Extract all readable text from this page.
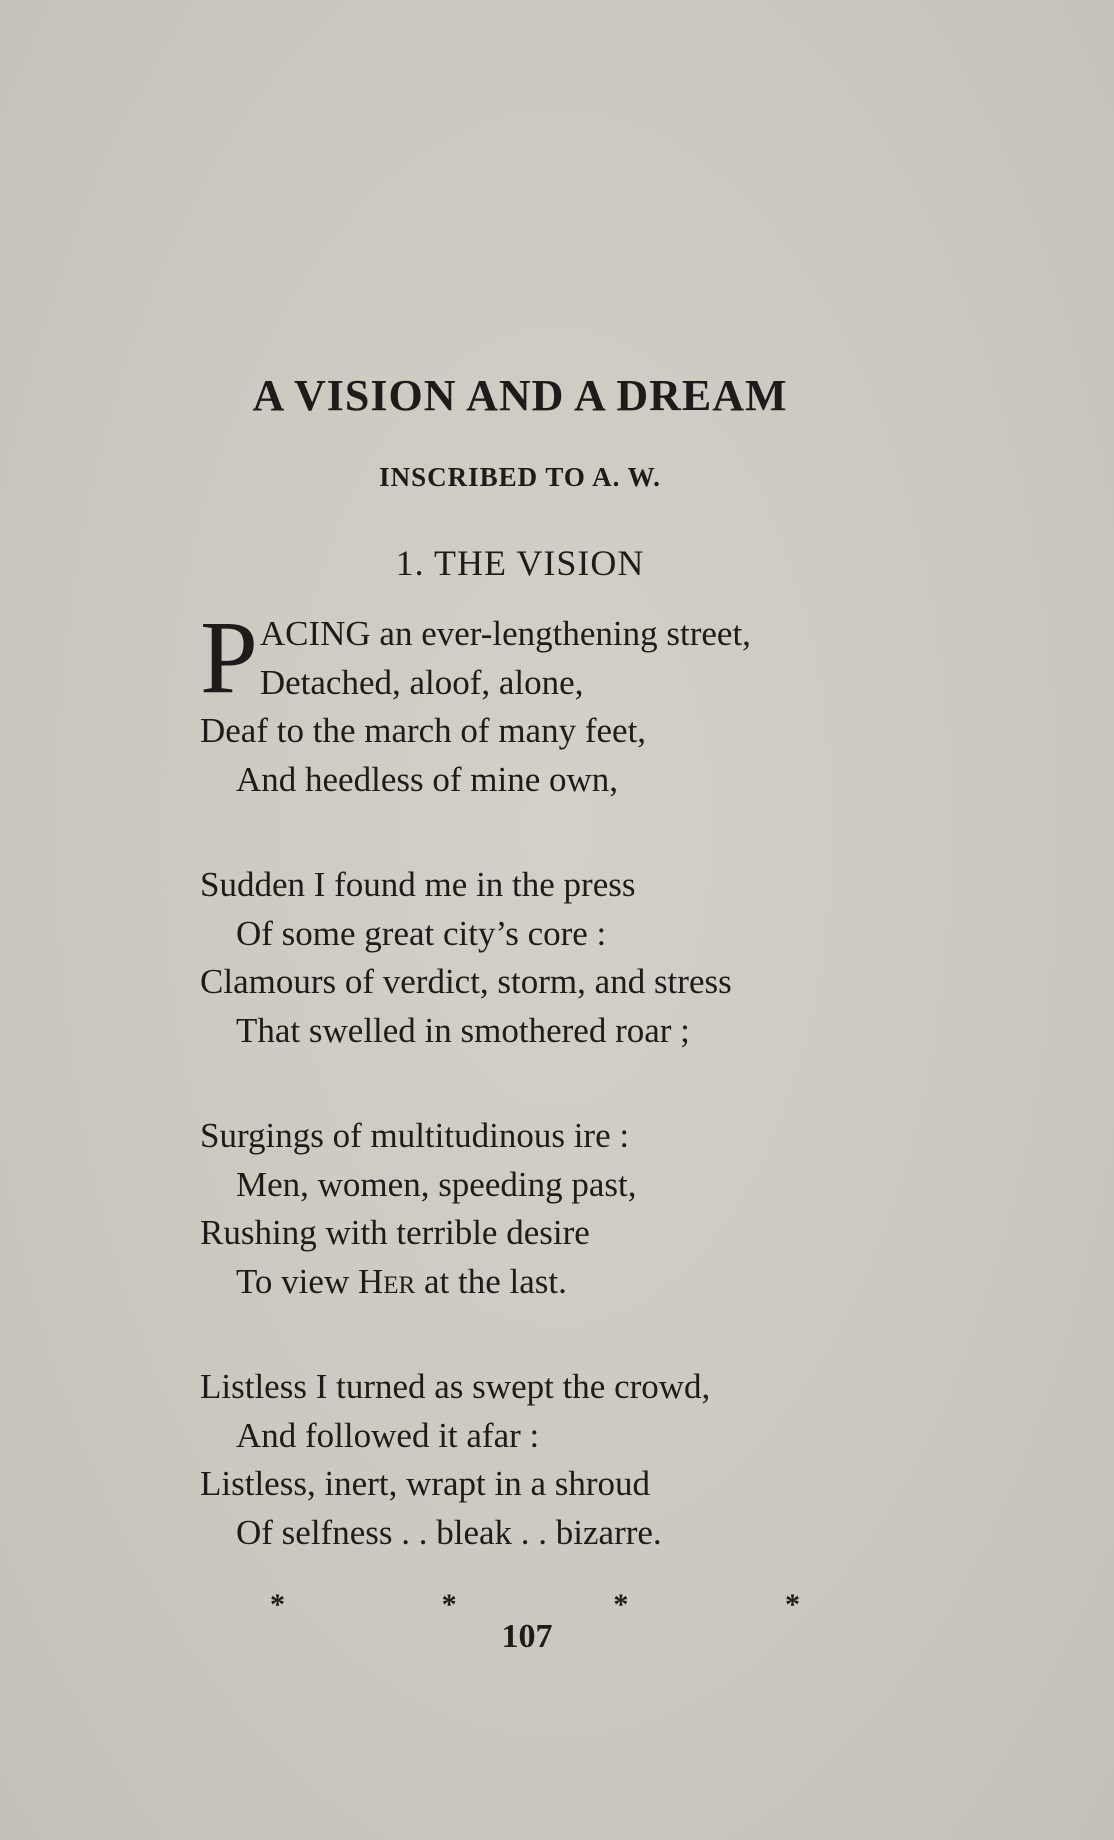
A VISION AND A DREAM
INSCRIBED TO A. W.
1. THE VISION
P ACING an ever-lengthening street,
Detached, aloof, alone,
Deaf to the march of many feet,
And heedless of mine own,
Sudden I found me in the press
Of some great city’s core :
Clamours of verdict, storm, and stress
That swelled in smothered roar ;
Surgings of multitudinous ire :
Men, women, speeding past,
Rushing with terrible desire
To view Her at the last.
Listless I turned as swept the crowd,
And followed it afar :
Listless, inert, wrapt in a shroud
Of selfness . . bleak . . bizarre.
*	*	*	*
107
